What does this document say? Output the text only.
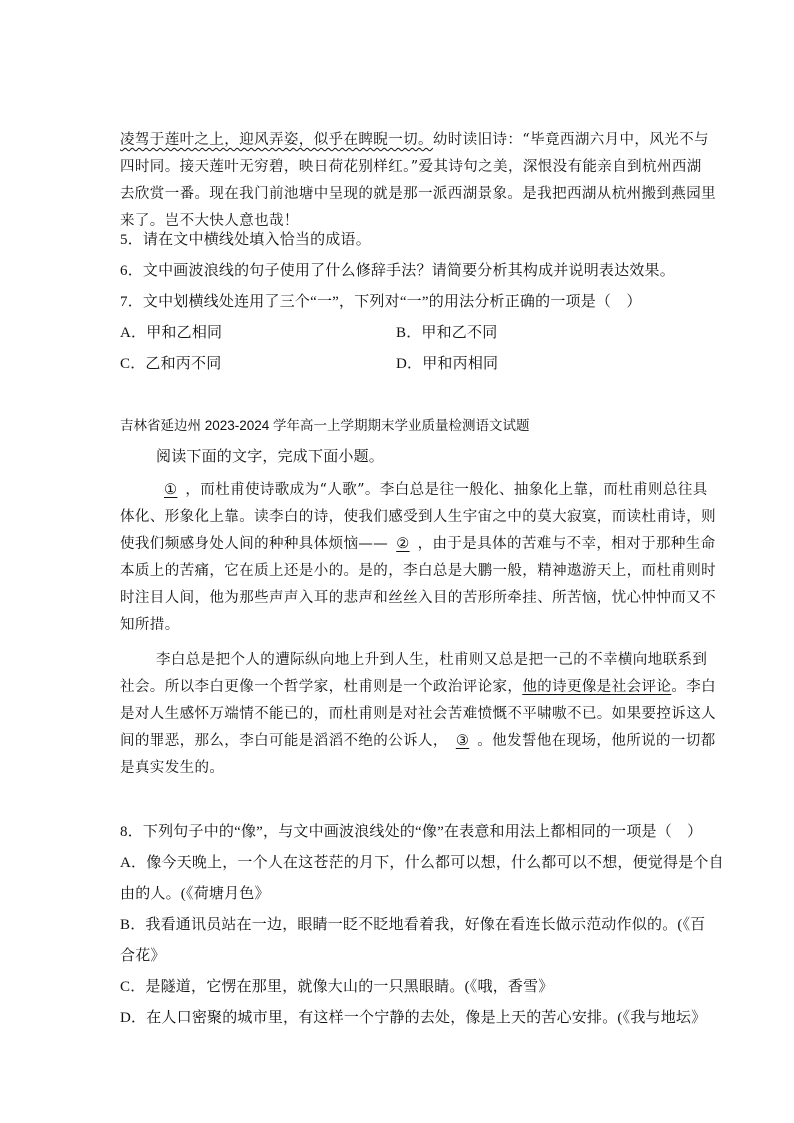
凌驾于莲叶之上，迎风弄姿，似乎在睥睨一切。幼时读旧诗：“毕竟西湖六月中，风光不与
四时同。接天莲叶无穷碧，映日荷花别样红。”爱其诗句之美，深恨没有能亲自到杭州西湖
去欣赏一番。现在我门前池塘中呈现的就是那一派西湖景象。是我把西湖从杭州搬到燕园里
来了。岂不大快人意也哉！
5．请在文中横线处填入恰当的成语。
6．文中画波浪线的句子使用了什么修辞手法？请简要分析其构成并说明表达效果。
7．文中划横线处连用了三个“一”，下列对“一”的用法分析正确的一项是（　）
A．甲和乙相同	B．甲和乙不同
C．乙和丙不同	D．甲和丙相同
吉林省延边州 2023-2024 学年高一上学期期末学业质量检测语文试题
阅读下面的文字，完成下面小题。
① ，而杜甫使诗歌成为“人歌”。李白总是往一般化、抽象化上靠，而杜甫则总往具
体化、形象化上靠。读李白的诗，使我们感受到人生宇宙之中的莫大寂寞，而读杜甫诗，则
使我们频感身处人间的种种具体烦恼—— ② ，由于是具体的苦难与不幸，相对于那种生命
本质上的苦痛，它在质上还是小的。是的，李白总是大鹏一般，精神遨游天上，而杜甫则时
时注目人间，他为那些声声入耳的悲声和丝丝入目的苦形所牵挂、所苦恼，忧心忡忡而又不
知所措。
李白总是把个人的遭际纵向地上升到人生，杜甫则又总是把一己的不幸横向地联系到
社会。所以李白更像一个哲学家，杜甫则是一个政治评论家，他的诗更像是社会评论。李白
是对人生感怀万端情不能已的，而杜甫则是对社会苦难愤慨不平啸嗷不已。如果要控诉这人
间的罪恶，那么，李白可能是滔滔不绝的公诉人， ③ 。他发誓他在现场，他所说的一切都
是真实发生的。
8．下列句子中的“像”，与文中画波浪线处的“像”在表意和用法上都相同的一项是（　）
A．像今天晚上，一个人在这苍茫的月下，什么都可以想，什么都可以不想，便觉得是个自
由的人。(《荷塘月色》
B．我看通讯员站在一边，眼睛一眨不眨地看着我，好像在看连长做示范动作似的。(《百
合花》
C．是隧道，它愣在那里，就像大山的一只黑眼睛。(《哦，香雪》
D．在人口密聚的城市里，有这样一个宁静的去处，像是上天的苦心安排。(《我与地坛》
